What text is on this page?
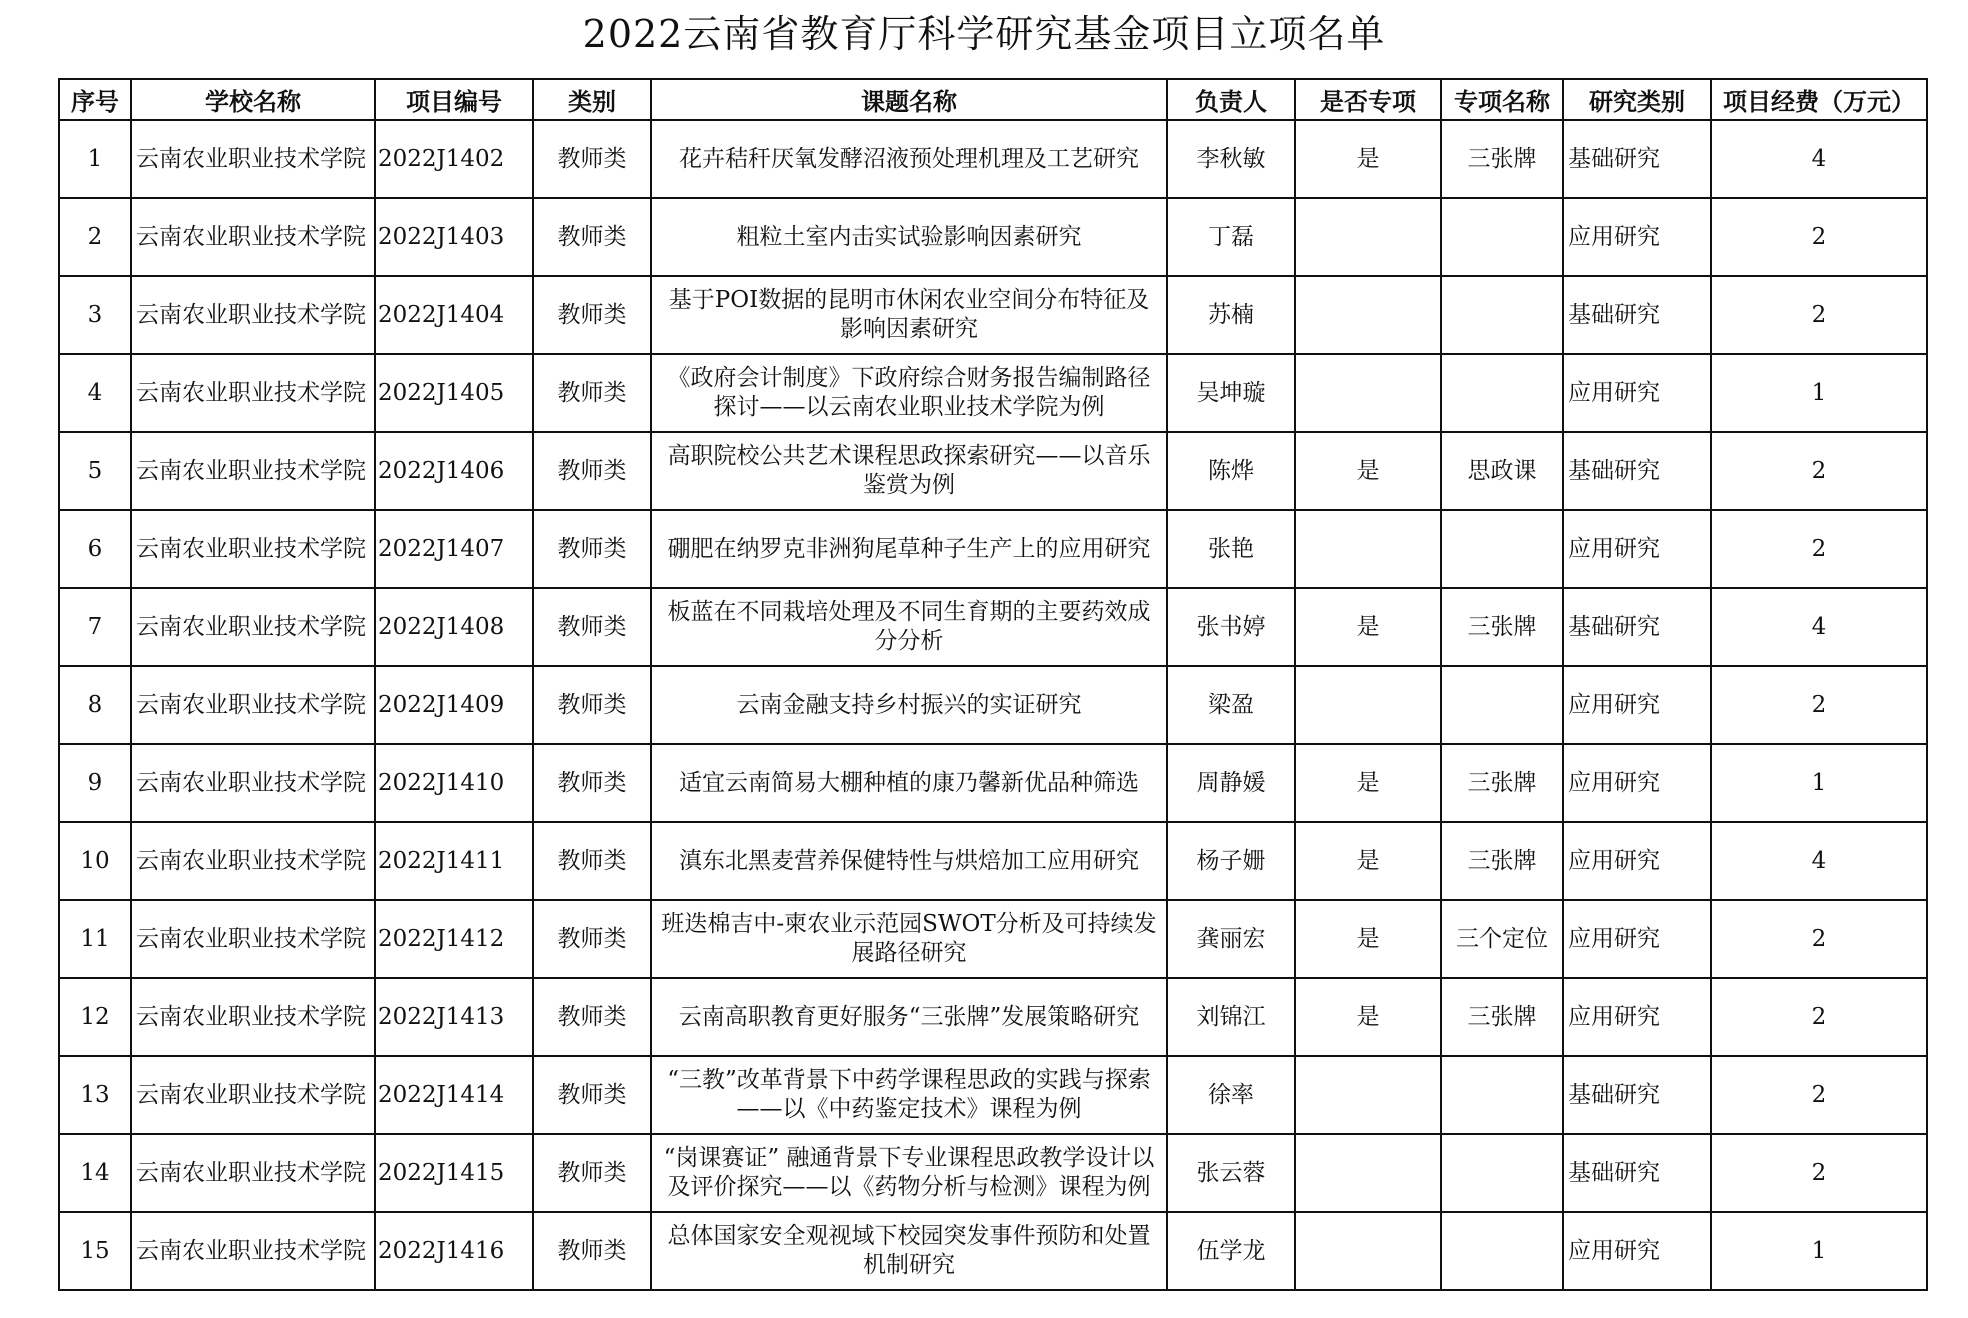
2022云南省教育厅科学研究基金项目立项名单
序号	学校名称	项目编号	类别	课题名称	负责人	是否专项	专项名称	研究类别	项目经费（万元）
1	云南农业职业技术学院	2022J1402	教师类	花卉秸秆厌氧发酵沼液预处理机理及工艺研究	李秋敏	是	三张牌	基础研究	4
2	云南农业职业技术学院	2022J1403	教师类	粗粒土室内击实试验影响因素研究	丁磊			应用研究	2
3	云南农业职业技术学院	2022J1404	教师类	基于POI数据的昆明市休闲农业空间分布特征及影响因素研究	苏楠			基础研究	2
4	云南农业职业技术学院	2022J1405	教师类	《政府会计制度》下政府综合财务报告编制路径探讨——以云南农业职业技术学院为例	吴坤璇			应用研究	1
5	云南农业职业技术学院	2022J1406	教师类	高职院校公共艺术课程思政探索研究——以音乐鉴赏为例	陈烨	是	思政课	基础研究	2
6	云南农业职业技术学院	2022J1407	教师类	硼肥在纳罗克非洲狗尾草种子生产上的应用研究	张艳			应用研究	2
7	云南农业职业技术学院	2022J1408	教师类	板蓝在不同栽培处理及不同生育期的主要药效成分分析	张书婷	是	三张牌	基础研究	4
8	云南农业职业技术学院	2022J1409	教师类	云南金融支持乡村振兴的实证研究	梁盈			应用研究	2
9	云南农业职业技术学院	2022J1410	教师类	适宜云南简易大棚种植的康乃馨新优品种筛选	周静媛	是	三张牌	应用研究	1
10	云南农业职业技术学院	2022J1411	教师类	滇东北黑麦营养保健特性与烘焙加工应用研究	杨子姗	是	三张牌	应用研究	4
11	云南农业职业技术学院	2022J1412	教师类	班迭棉吉中-柬农业示范园SWOT分析及可持续发展路径研究	龚丽宏	是	三个定位	应用研究	2
12	云南农业职业技术学院	2022J1413	教师类	云南高职教育更好服务“三张牌”发展策略研究	刘锦江	是	三张牌	应用研究	2
13	云南农业职业技术学院	2022J1414	教师类	“三教”改革背景下中药学课程思政的实践与探索——以《中药鉴定技术》课程为例	徐率			基础研究	2
14	云南农业职业技术学院	2022J1415	教师类	“岗课赛证” 融通背景下专业课程思政教学设计以及评价探究——以《药物分析与检测》课程为例	张云蓉			基础研究	2
15	云南农业职业技术学院	2022J1416	教师类	总体国家安全观视域下校园突发事件预防和处置机制研究	伍学龙			应用研究	1
